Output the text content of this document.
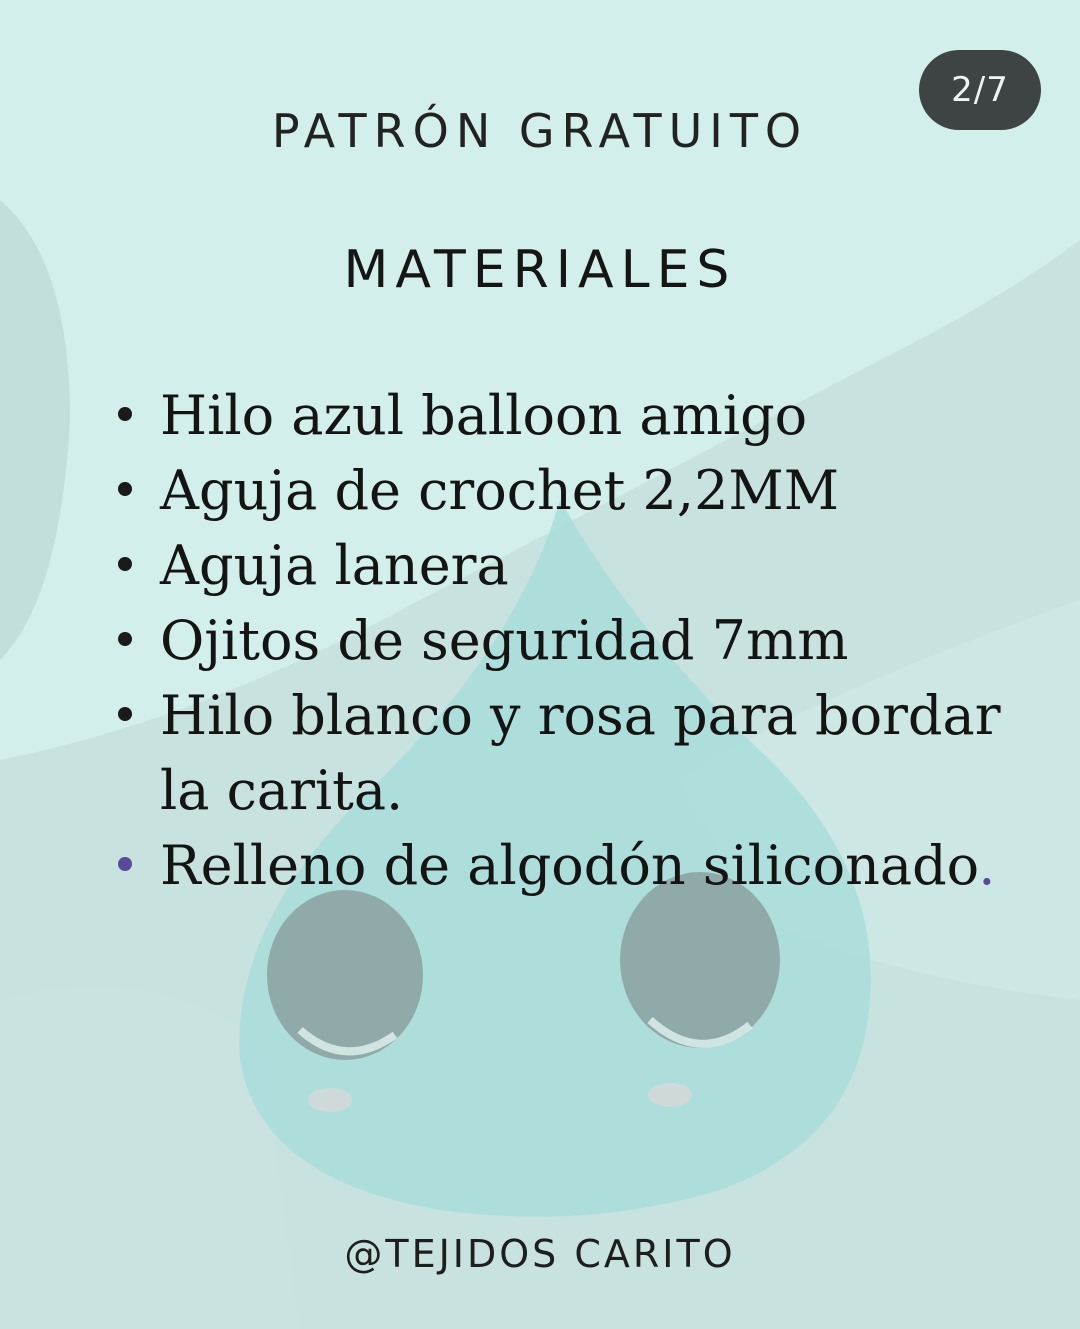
2/7
PATRÓN GRATUITO
MATERIALES
Hilo azul balloon amigo
Aguja de crochet 2,2MM
Aguja lanera
Ojitos de seguridad 7mm
Hilo blanco y rosa para bordar la carita.
Relleno de algodón siliconado.
@TEJIDOS CARITO
